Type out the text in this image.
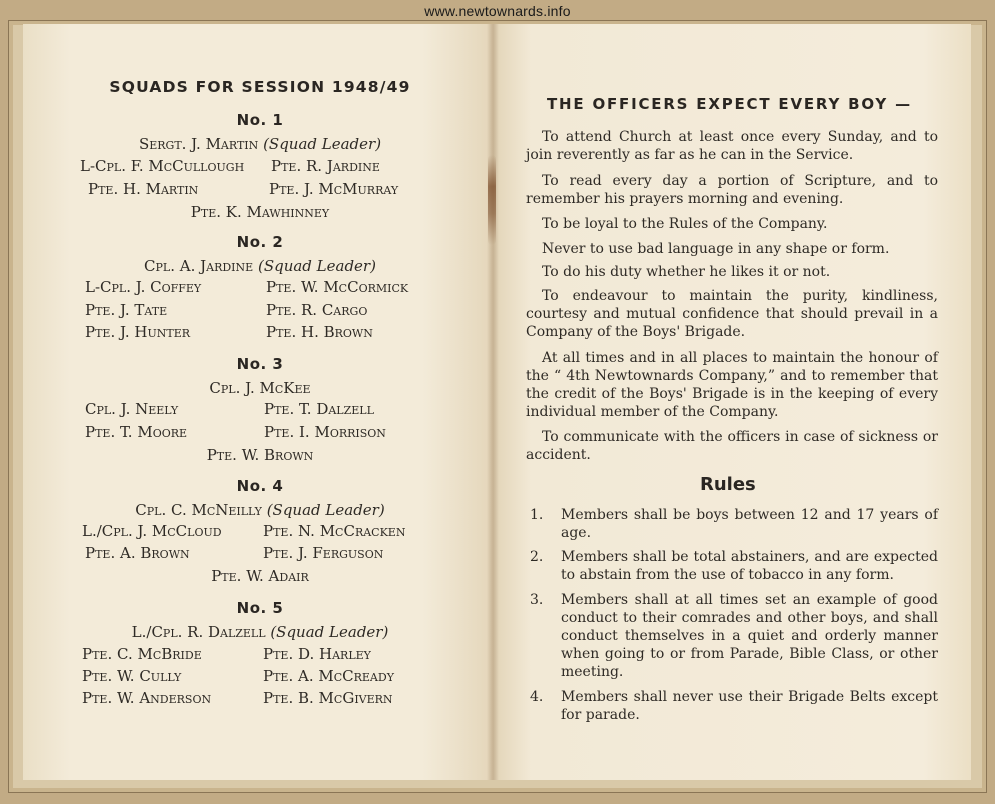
www.newtownards.info
SQUADS FOR SESSION 1948/49
No. 1
Sergt. J. Martin (Squad Leader)
L-Cpl. F. McCullough Pte. R. Jardine
Pte. H. Martin	Pte. J. McMurray
Pte. K. Mawhinney
No. 2
Cpl. A. Jardine (Squad Leader)
L-Cpl. J. Coffey	Pte. W. McCormick
Pte. J. Tate	Pte. R. Cargo
Pte. J. Hunter	Pte. H. Brown
No. 3
Cpl. J. McKee
Cpl. J. Neely	Pte. T. Dalzell
Pte. T. Moore	Pte. I. Morrison
Pte. W. Brown
No. 4
Cpl. C. McNeilly (Squad Leader)
L./Cpl. J. McCloud	Pte. N. McCracken
Pte. A. Brown	Pte. J. Ferguson
Pte. W. Adair
No. 5
L./Cpl. R. Dalzell (Squad Leader)
Pte. C. McBride	Pte. D. Harley
Pte. W. Cully	Pte. A. McCready
Pte. W. Anderson	Pte. B. McGivern
THE OFFICERS EXPECT EVERY BOY —
To attend Church at least once every Sunday, and to join reverently as far as he can in the Service.
To read every day a portion of Scripture, and to remember his prayers morning and evening.
To be loyal to the Rules of the Company.
Never to use bad language in any shape or form.
To do his duty whether he likes it or not.
To endeavour to maintain the purity, kindliness, courtesy and mutual confidence that should prevail in a Company of the Boys' Brigade.
At all times and in all places to maintain the honour of the “ 4th Newtownards Company,” and to remember that the credit of the Boys' Brigade is in the keeping of every individual member of the Company.
To communicate with the officers in case of sickness or accident.
Rules
1.	Members shall be boys between 12 and 17 years of age.
2.	Members shall be total abstainers, and are expected to abstain from the use of tobacco in any form.
3.	Members shall at all times set an example of good conduct to their comrades and other boys, and shall conduct themselves in a quiet and orderly manner when going to or from Parade, Bible Class, or other meeting.
4.	Members shall never use their Brigade Belts except for parade.
